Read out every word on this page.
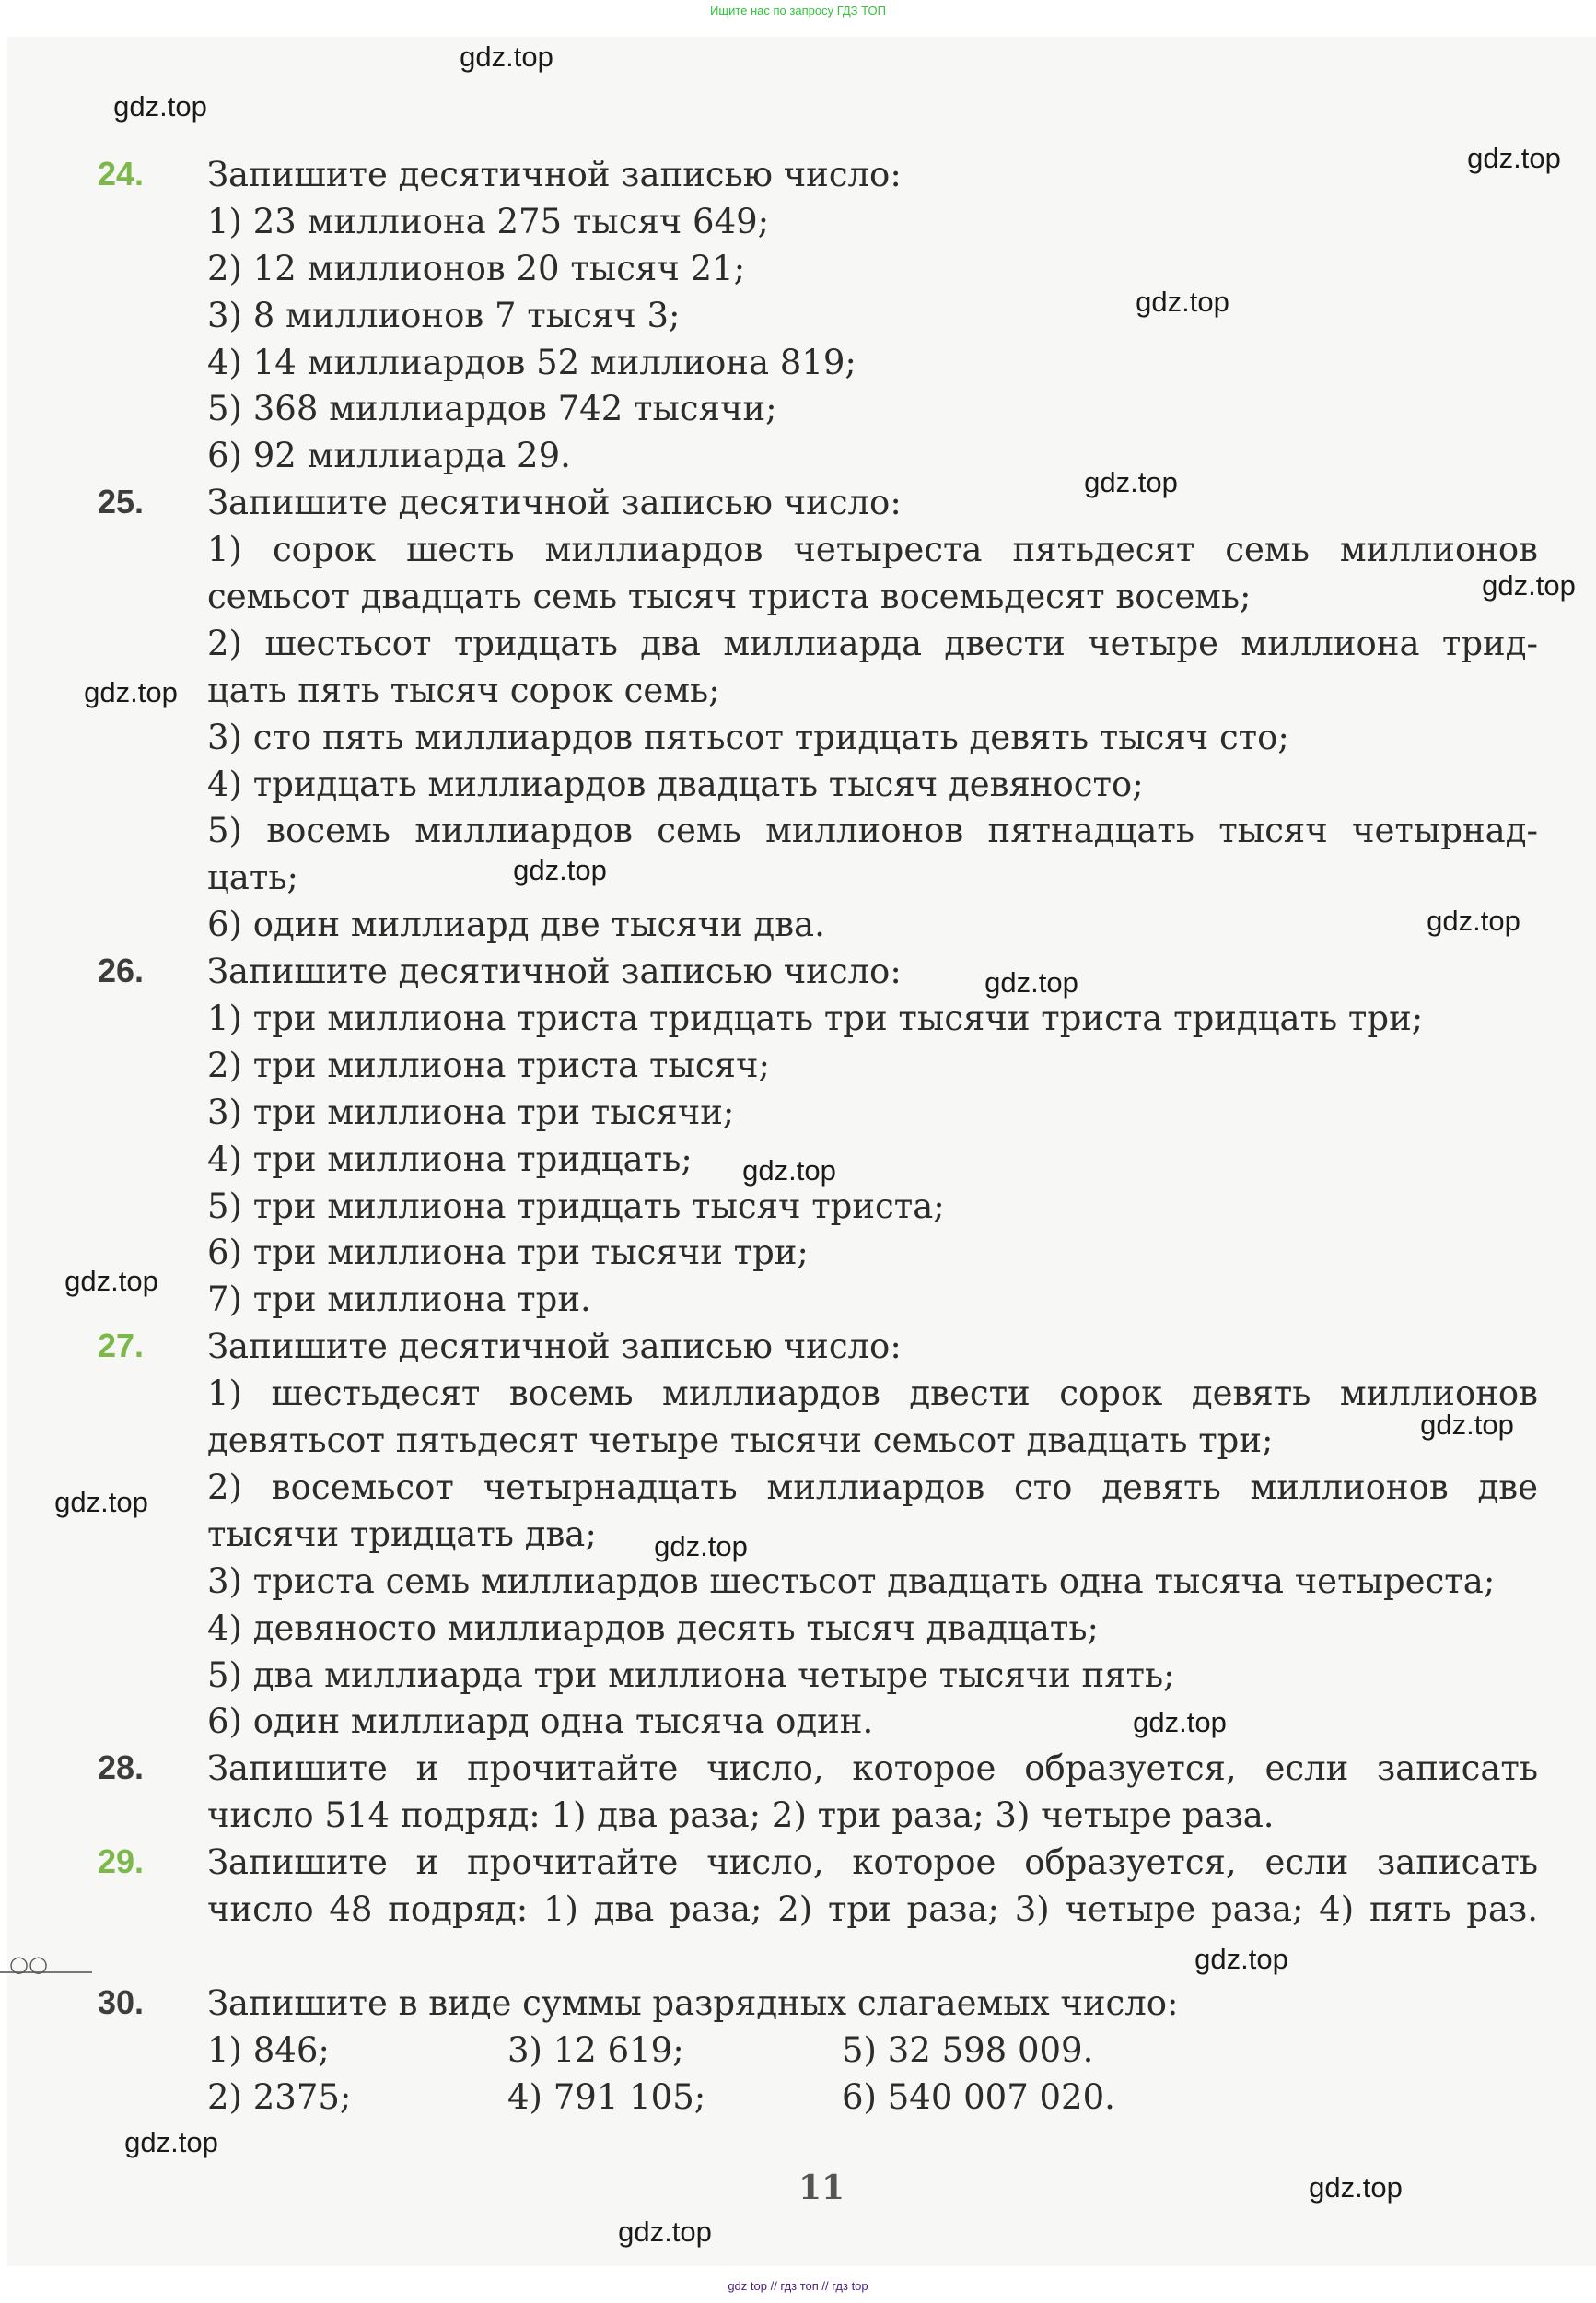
Ищите нас по запросу ГДЗ ТОП
○○
24. Запишите десятичной записью число:
1) 23 миллиона 275 тысяч 649;
2) 12 миллионов 20 тысяч 21;
3) 8 миллионов 7 тысяч 3;
4) 14 миллиардов 52 миллиона 819;
5) 368 миллиардов 742 тысячи;
6) 92 миллиарда 29.
25. Запишите десятичной записью число:
1) сорок шесть миллиардов четыреста пятьдесят семь миллионов
семьсот двадцать семь тысяч триста восемьдесят восемь;
2) шестьсот тридцать два миллиарда двести четыре миллиона трид-
цать пять тысяч сорок семь;
3) сто пять миллиардов пятьсот тридцать девять тысяч сто;
4) тридцать миллиардов двадцать тысяч девяносто;
5) восемь миллиардов семь миллионов пятнадцать тысяч четырнад-
цать;
6) один миллиард две тысячи два.
26. Запишите десятичной записью число:
1) три миллиона триста тридцать три тысячи триста тридцать три;
2) три миллиона триста тысяч;
3) три миллиона три тысячи;
4) три миллиона тридцать;
5) три миллиона тридцать тысяч триста;
6) три миллиона три тысячи три;
7) три миллиона три.
27. Запишите десятичной записью число:
1) шестьдесят восемь миллиардов двести сорок девять миллионов
девятьсот пятьдесят четыре тысячи семьсот двадцать три;
2) восемьсот четырнадцать миллиардов сто девять миллионов две
тысячи тридцать два;
3) триста семь миллиардов шестьсот двадцать одна тысяча четыреста;
4) девяносто миллиардов десять тысяч двадцать;
5) два миллиарда три миллиона четыре тысячи пять;
6) один миллиард одна тысяча один.
28. Запишите и прочитайте число, которое образуется, если записать
число 514 подряд: 1) два раза; 2) три раза; 3) четыре раза.
29. Запишите и прочитайте число, которое образуется, если записать
число 48 подряд: 1) два раза; 2) три раза; 3) четыре раза; 4) пять раз.
30. Запишите в виде суммы разрядных слагаемых число:
1) 846;	3) 12 619;	5) 32 598 009.
2) 2375;	4) 791 105;	6) 540 007 020.
gdz.top
gdz.top
gdz.top
gdz.top
gdz.top
gdz.top
gdz.top
gdz.top
gdz.top
gdz.top
gdz.top
gdz.top
gdz.top
gdz.top
gdz.top
gdz.top
gdz.top
gdz.top
gdz.top
gdz.top
11
gdz top // гдз топ // гдз top
